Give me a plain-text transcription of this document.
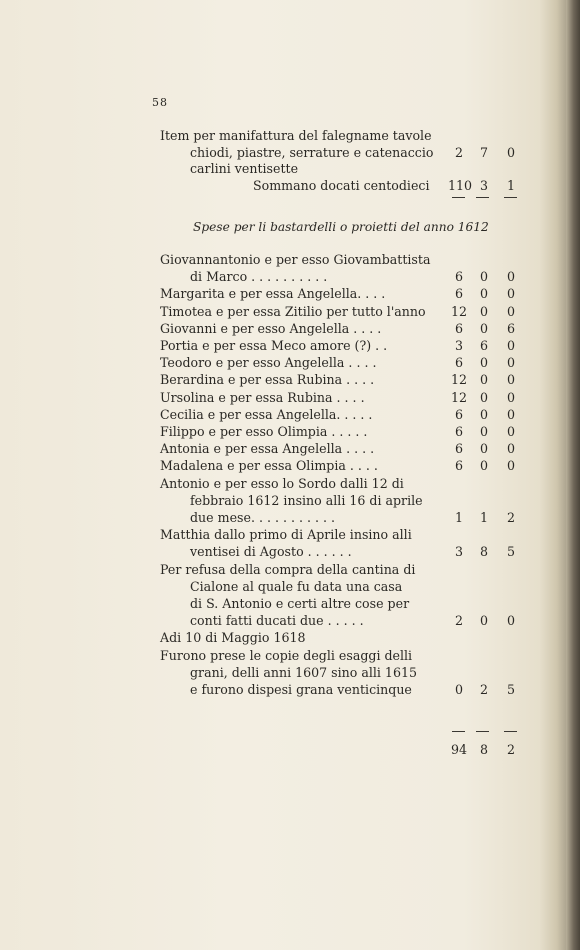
58
Item per manifattura del falegname tavole
chiodi, piastre, serrature e catenaccio	2	7	0
carlini ventisette
Sommano docati centodieci 110 3	1
Spese per li bastardelli o proietti del anno 1612
Giovannantonio e per esso Giovambattista
di Marco . . . . . . . . . .	6	0	0
Margarita e per essa Angelella. . . .	6	0	0
Timotea e per essa Zitilio per tutto l'anno 12	0	0
Giovanni e per esso Angelella . . . .	6	0	6
Portia e per essa Meco amore (?) . .	3	6	0
Teodoro e per esso Angelella . . . .	6	0	0
Berardina e per essa Rubina . . . .	12	0	0
Ursolina e per essa Rubina . . . .	12	0	0
Cecilia e per essa Angelella. . . . .	6	0	0
Filippo e per esso Olimpia . . . . .	6	0	0
Antonia e per essa Angelella . . . .	6	0	0
Madalena e per essa Olimpia . . . .	6	0	0
Antonio e per esso lo Sordo dalli 12 di
febbraio 1612 insino alli 16 di aprile
due mese. . . . . . . . . . .	1	1	2
Matthia dallo primo di Aprile insino alli
ventisei di Agosto . . . . . .	3	8	5
Per refusa della compra della cantina di
Cialone al quale fu data una casa
di S. Antonio e certi altre cose per
conti fatti ducati due . . . . .	2	0	0
Adi 10 di Maggio 1618
Furono prese le copie degli esaggi delli
grani, delli anni 1607 sino alli 1615
e furono dispesi grana venticinque	0	2	5
94	8	2
